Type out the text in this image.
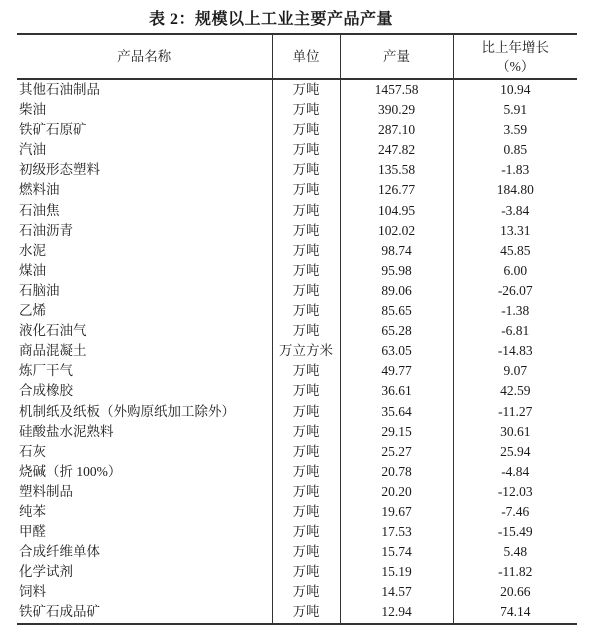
表 2：规模以上工业主要产品产量
产品名称	单位	产量	比上年增长
（%）

其他石油制品	万吨	1457.58	10.94
柴油	万吨	390.29	5.91
铁矿石原矿	万吨	287.10	3.59
汽油	万吨	247.82	0.85
初级形态塑料	万吨	135.58	-1.83
燃料油	万吨	126.77	184.80
石油焦	万吨	104.95	-3.84
石油沥青	万吨	102.02	13.31
水泥	万吨	98.74	45.85
煤油	万吨	95.98	6.00
石脑油	万吨	89.06	-26.07
乙烯	万吨	85.65	-1.38
液化石油气	万吨	65.28	-6.81
商品混凝土	万立方米	63.05	-14.83
炼厂干气	万吨	49.77	9.07
合成橡胶	万吨	36.61	42.59
机制纸及纸板（外购原纸加工除外）	万吨	35.64	-11.27
硅酸盐水泥熟料	万吨	29.15	30.61
石灰	万吨	25.27	25.94
烧碱（折 100%）	万吨	20.78	-4.84
塑料制品	万吨	20.20	-12.03
纯苯	万吨	19.67	-7.46
甲醛	万吨	17.53	-15.49
合成纤维单体	万吨	15.74	5.48
化学试剂	万吨	15.19	-11.82
饲料	万吨	14.57	20.66
铁矿石成品矿	万吨	12.94	74.14
